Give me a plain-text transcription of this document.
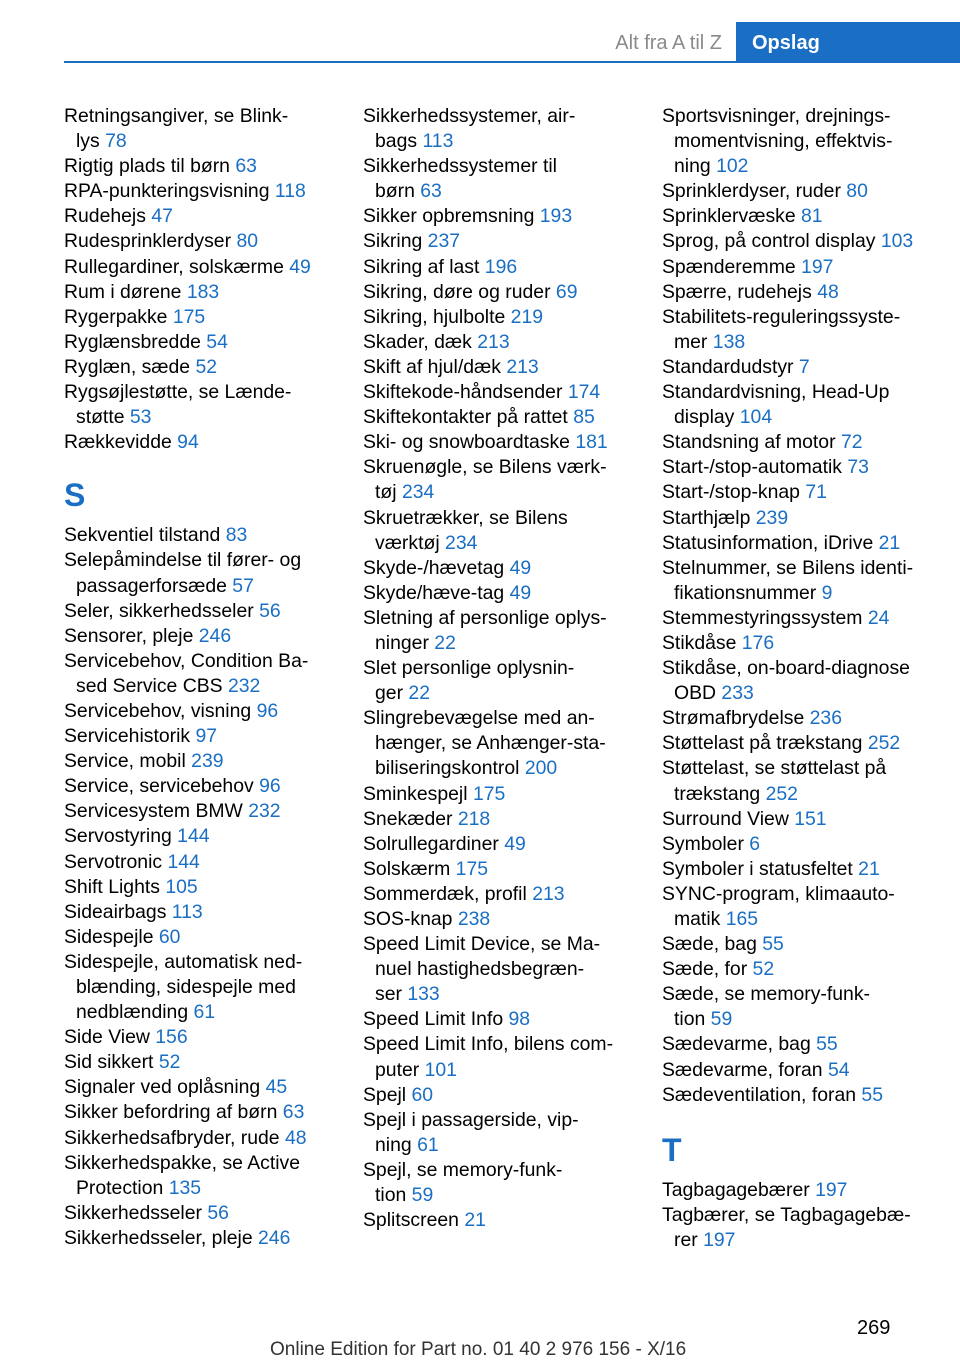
Alt fra A til Z Opslag
Retningsangiver, se Blink-
lys 78
Rigtig plads til børn 63
RPA-punkteringsvisning 118
Rudehejs 47
Rudesprinklerdyser 80
Rullegardiner, solskærme 49
Rum i dørene 183
Rygerpakke 175
Ryglænsbredde 54
Ryglæn, sæde 52
Rygsøjlestøtte, se Lænde-
støtte 53
Rækkevidde 94
S
Sekventiel tilstand 83
Selepåmindelse til fører- og
passagerforsæde 57
Seler, sikkerhedsseler 56
Sensorer, pleje 246
Servicebehov, Condition Ba-
sed Service CBS 232
Servicebehov, visning 96
Servicehistorik 97
Service, mobil 239
Service, servicebehov 96
Servicesystem BMW 232
Servostyring 144
Servotronic 144
Shift Lights 105
Sideairbags 113
Sidespejle 60
Sidespejle, automatisk ned-
blænding, sidespejle med
nedblænding 61
Side View 156
Sid sikkert 52
Signaler ved oplåsning 45
Sikker befordring af børn 63
Sikkerhedsafbryder, rude 48
Sikkerhedspakke, se Active
Protection 135
Sikkerhedsseler 56
Sikkerhedsseler, pleje 246
Sikkerhedssystemer, air-
bags 113
Sikkerhedssystemer til
børn 63
Sikker opbremsning 193
Sikring 237
Sikring af last 196
Sikring, døre og ruder 69
Sikring, hjulbolte 219
Skader, dæk 213
Skift af hjul/dæk 213
Skiftekode-håndsender 174
Skiftekontakter på rattet 85
Ski- og snowboardtaske 181
Skruenøgle, se Bilens værk-
tøj 234
Skruetrækker, se Bilens
værktøj 234
Skyde-/hævetag 49
Skyde/hæve-tag 49
Sletning af personlige oplys-
ninger 22
Slet personlige oplysnin-
ger 22
Slingrebevægelse med an-
hænger, se Anhænger-sta-
biliseringskontrol 200
Sminkespejl 175
Snekæder 218
Solrullegardiner 49
Solskærm 175
Sommerdæk, profil 213
SOS-knap 238
Speed Limit Device, se Ma-
nuel hastighedsbegræn-
ser 133
Speed Limit Info 98
Speed Limit Info, bilens com-
puter 101
Spejl 60
Spejl i passagerside, vip-
ning 61
Spejl, se memory-funk-
tion 59
Splitscreen 21
Sportsvisninger, drejnings-
momentvisning, effektvis-
ning 102
Sprinklerdyser, ruder 80
Sprinklervæske 81
Sprog, på control display 103
Spænderemme 197
Spærre, rudehejs 48
Stabilitets-reguleringssyste-
mer 138
Standardudstyr 7
Standardvisning, Head-Up
display 104
Standsning af motor 72
Start-/stop-automatik 73
Start-/stop-knap 71
Starthjælp 239
Statusinformation, iDrive 21
Stelnummer, se Bilens identi-
fikationsnummer 9
Stemmestyringssystem 24
Stikdåse 176
Stikdåse, on-board-diagnose
OBD 233
Strømafbrydelse 236
Støttelast på trækstang 252
Støttelast, se støttelast på
trækstang 252
Surround View 151
Symboler 6
Symboler i statusfeltet 21
SYNC-program, klimaauto-
matik 165
Sæde, bag 55
Sæde, for 52
Sæde, se memory-funk-
tion 59
Sædevarme, bag 55
Sædevarme, foran 54
Sædeventilation, foran 55
T
Tagbagagebærer 197
Tagbærer, se Tagbagagebæ-
rer 197
269
Online Edition for Part no. 01 40 2 976 156 - X/16
